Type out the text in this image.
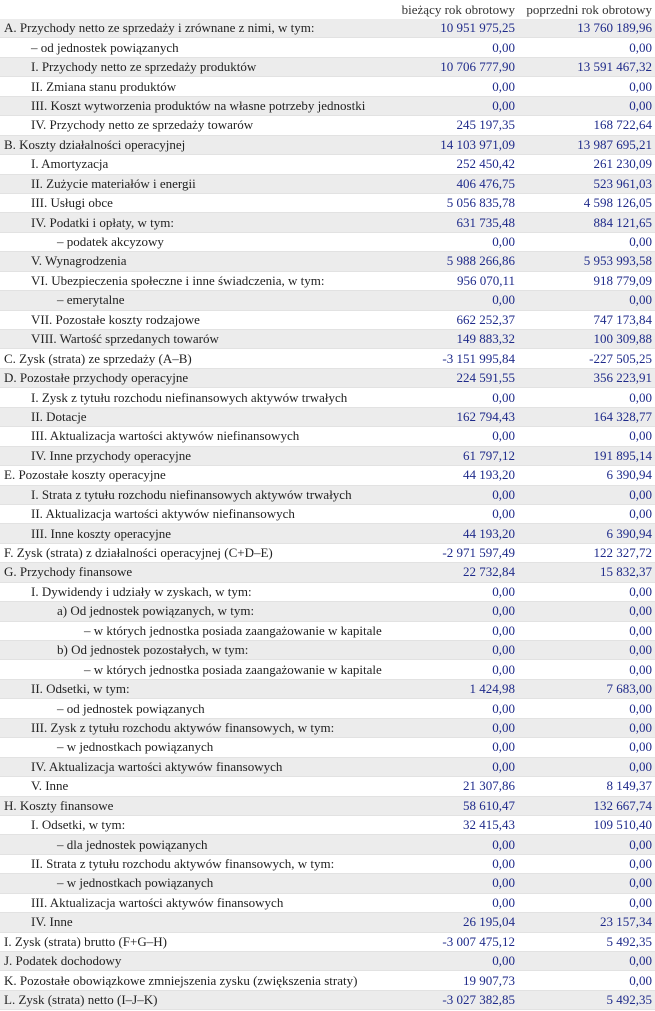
	bieżący rok obrotowy	poprzedni rok obrotowy
A. Przychody netto ze sprzedaży i zrównane z nimi, w tym:	10 951 975,25	13 760 189,96
– od jednostek powiązanych	0,00	0,00
I. Przychody netto ze sprzedaży produktów	10 706 777,90	13 591 467,32
II. Zmiana stanu produktów	0,00	0,00
III. Koszt wytworzenia produktów na własne potrzeby jednostki	0,00	0,00
IV. Przychody netto ze sprzedaży towarów	245 197,35	168 722,64
B. Koszty działalności operacyjnej	14 103 971,09	13 987 695,21
I. Amortyzacja	252 450,42	261 230,09
II. Zużycie materiałów i energii	406 476,75	523 961,03
III. Usługi obce	5 056 835,78	4 598 126,05
IV. Podatki i opłaty, w tym:	631 735,48	884 121,65
– podatek akcyzowy	0,00	0,00
V. Wynagrodzenia	5 988 266,86	5 953 993,58
VI. Ubezpieczenia społeczne i inne świadczenia, w tym:	956 070,11	918 779,09
– emerytalne	0,00	0,00
VII. Pozostałe koszty rodzajowe	662 252,37	747 173,84
VIII. Wartość sprzedanych towarów	149 883,32	100 309,88
C. Zysk (strata) ze sprzedaży (A–B)	-3 151 995,84	-227 505,25
D. Pozostałe przychody operacyjne	224 591,55	356 223,91
I. Zysk z tytułu rozchodu niefinansowych aktywów trwałych	0,00	0,00
II. Dotacje	162 794,43	164 328,77
III. Aktualizacja wartości aktywów niefinansowych	0,00	0,00
IV. Inne przychody operacyjne	61 797,12	191 895,14
E. Pozostałe koszty operacyjne	44 193,20	6 390,94
I. Strata z tytułu rozchodu niefinansowych aktywów trwałych	0,00	0,00
II. Aktualizacja wartości aktywów niefinansowych	0,00	0,00
III. Inne koszty operacyjne	44 193,20	6 390,94
F. Zysk (strata) z działalności operacyjnej (C+D–E)	-2 971 597,49	122 327,72
G. Przychody finansowe	22 732,84	15 832,37
I. Dywidendy i udziały w zyskach, w tym:	0,00	0,00
a) Od jednostek powiązanych, w tym:	0,00	0,00
– w których jednostka posiada zaangażowanie w kapitale	0,00	0,00
b) Od jednostek pozostałych, w tym:	0,00	0,00
– w których jednostka posiada zaangażowanie w kapitale	0,00	0,00
II. Odsetki, w tym:	1 424,98	7 683,00
– od jednostek powiązanych	0,00	0,00
III. Zysk z tytułu rozchodu aktywów finansowych, w tym:	0,00	0,00
– w jednostkach powiązanych	0,00	0,00
IV. Aktualizacja wartości aktywów finansowych	0,00	0,00
V. Inne	21 307,86	8 149,37
H. Koszty finansowe	58 610,47	132 667,74
I. Odsetki, w tym:	32 415,43	109 510,40
– dla jednostek powiązanych	0,00	0,00
II. Strata z tytułu rozchodu aktywów finansowych, w tym:	0,00	0,00
– w jednostkach powiązanych	0,00	0,00
III. Aktualizacja wartości aktywów finansowych	0,00	0,00
IV. Inne	26 195,04	23 157,34
I. Zysk (strata) brutto (F+G–H)	-3 007 475,12	5 492,35
J. Podatek dochodowy	0,00	0,00
K. Pozostałe obowiązkowe zmniejszenia zysku (zwiększenia straty)	19 907,73	0,00
L. Zysk (strata) netto (I–J–K)	-3 027 382,85	5 492,35
